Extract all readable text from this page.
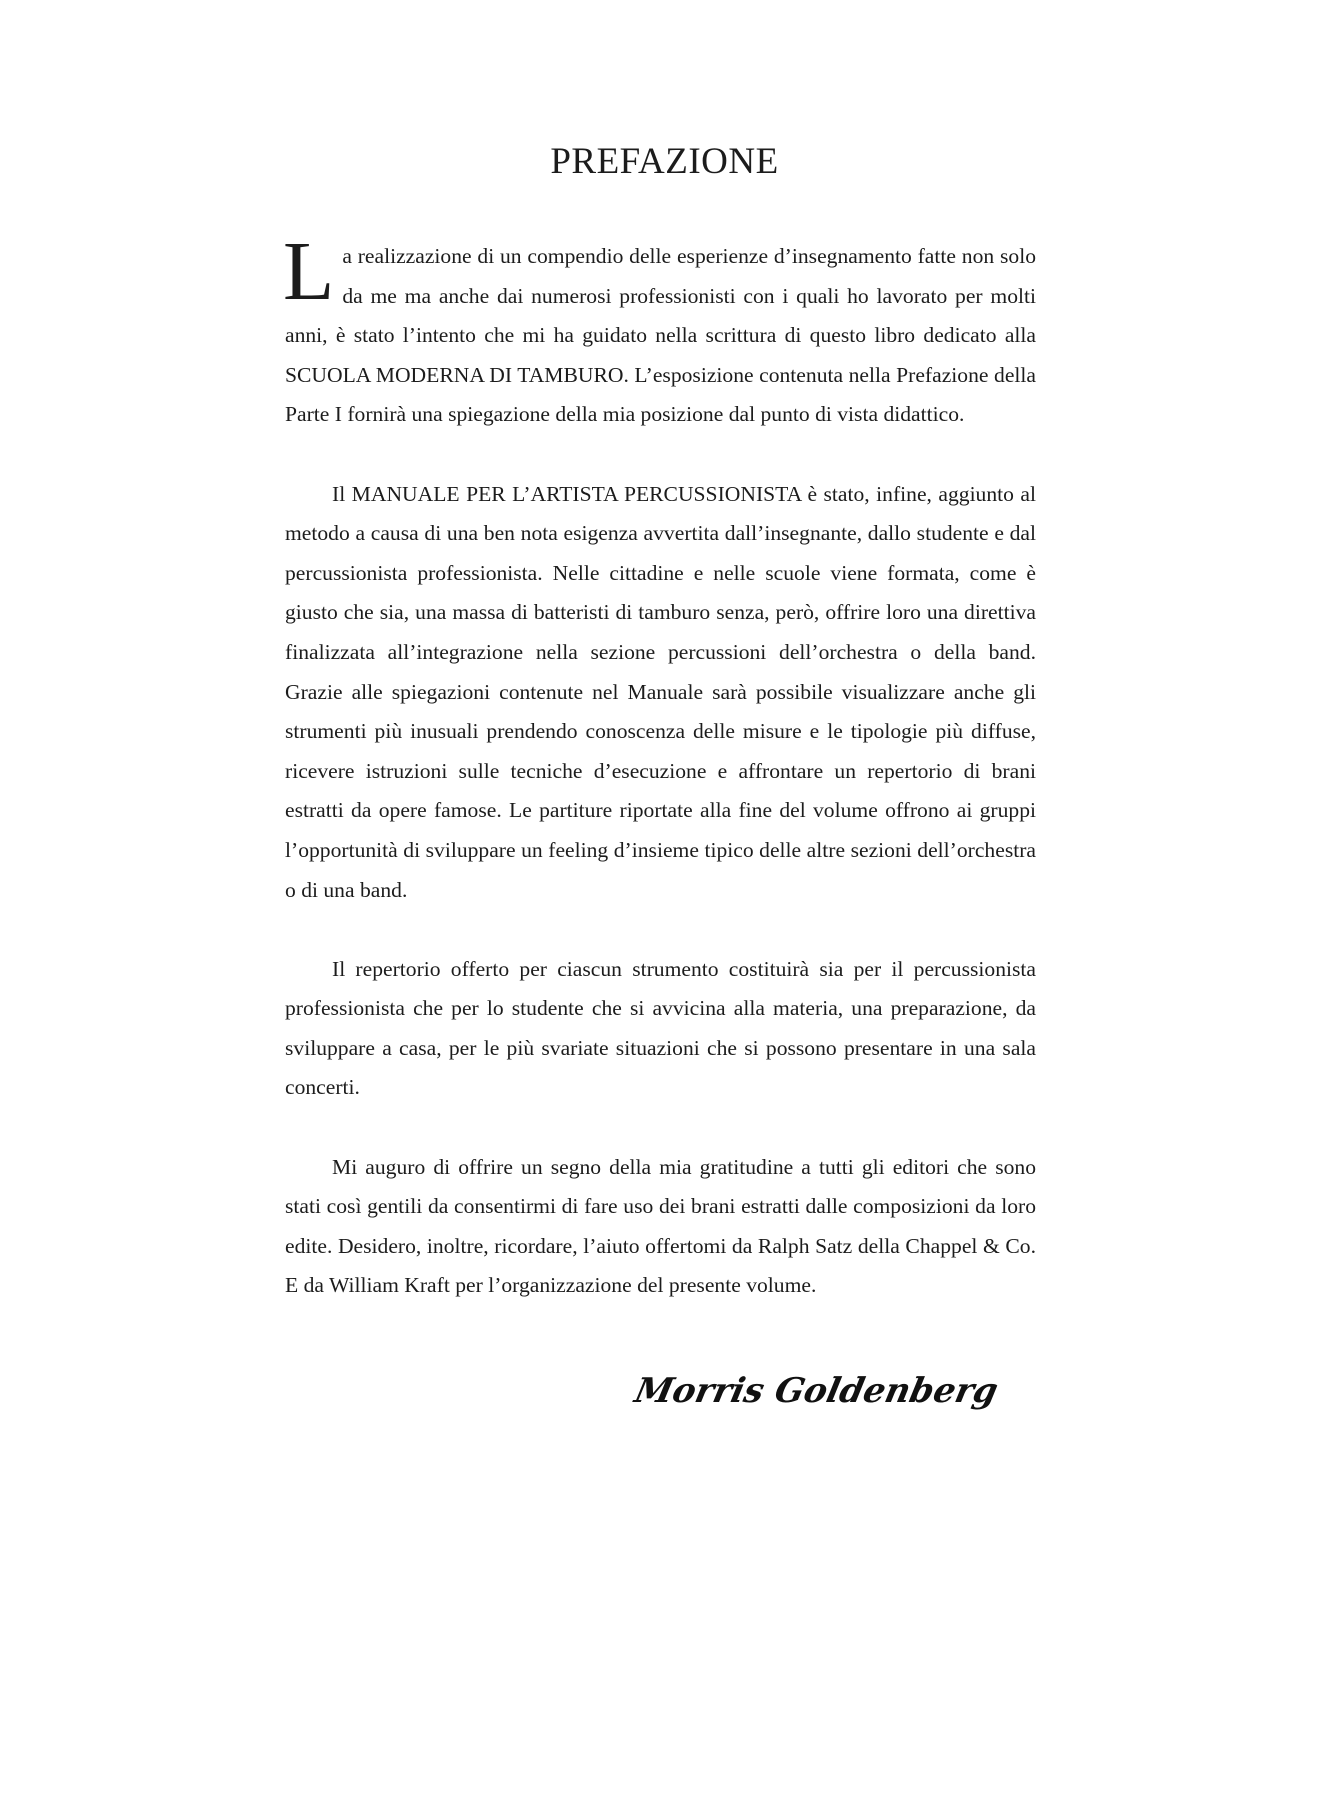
PREFAZIONE

La realizzazione di un compendio delle esperienze d’insegnamento fatte non solo da me ma anche dai numerosi professionisti con i quali ho lavorato per molti anni, è stato l’intento che mi ha guidato nella scrittura di questo libro dedicato alla SCUOLA MODERNA DI TAMBURO. L’esposizione contenuta nella Prefazione della Parte I fornirà una spiegazione della mia posizione dal punto di vista didattico.

Il MANUALE PER L’ARTISTA PERCUSSIONISTA è stato, infine, aggiunto al metodo a causa di una ben nota esigenza avvertita dall’insegnante, dallo studente e dal percussionista professionista. Nelle cittadine e nelle scuole viene formata, come è giusto che sia, una massa di batteristi di tamburo senza, però, offrire loro una direttiva finalizzata all’integrazione nella sezione percussioni dell’orchestra o della band. Grazie alle spiegazioni contenute nel Manuale sarà possibile visualizzare anche gli strumenti più inusuali prendendo conoscenza delle misure e le tipologie più diffuse, ricevere istruzioni sulle tecniche d’esecuzione e affrontare un repertorio di brani estratti da opere famose. Le partiture riportate alla fine del volume offrono ai gruppi l’opportunità di sviluppare un feeling d’insieme tipico delle altre sezioni dell’orchestra o di una band.

Il repertorio offerto per ciascun strumento costituirà sia per il percussionista professionista che per lo studente che si avvicina alla materia, una preparazione, da sviluppare a casa, per le più svariate situazioni che si possono presentare in una sala concerti.

Mi auguro di offrire un segno della mia gratitudine a tutti gli editori che sono stati così gentili da consentirmi di fare uso dei brani estratti dalle composizioni da loro edite. Desidero, inoltre, ricordare, l’aiuto offertomi da Ralph Satz della Chappel & Co. E da William Kraft per l’organizzazione del presente volume.

Morris Goldenberg
